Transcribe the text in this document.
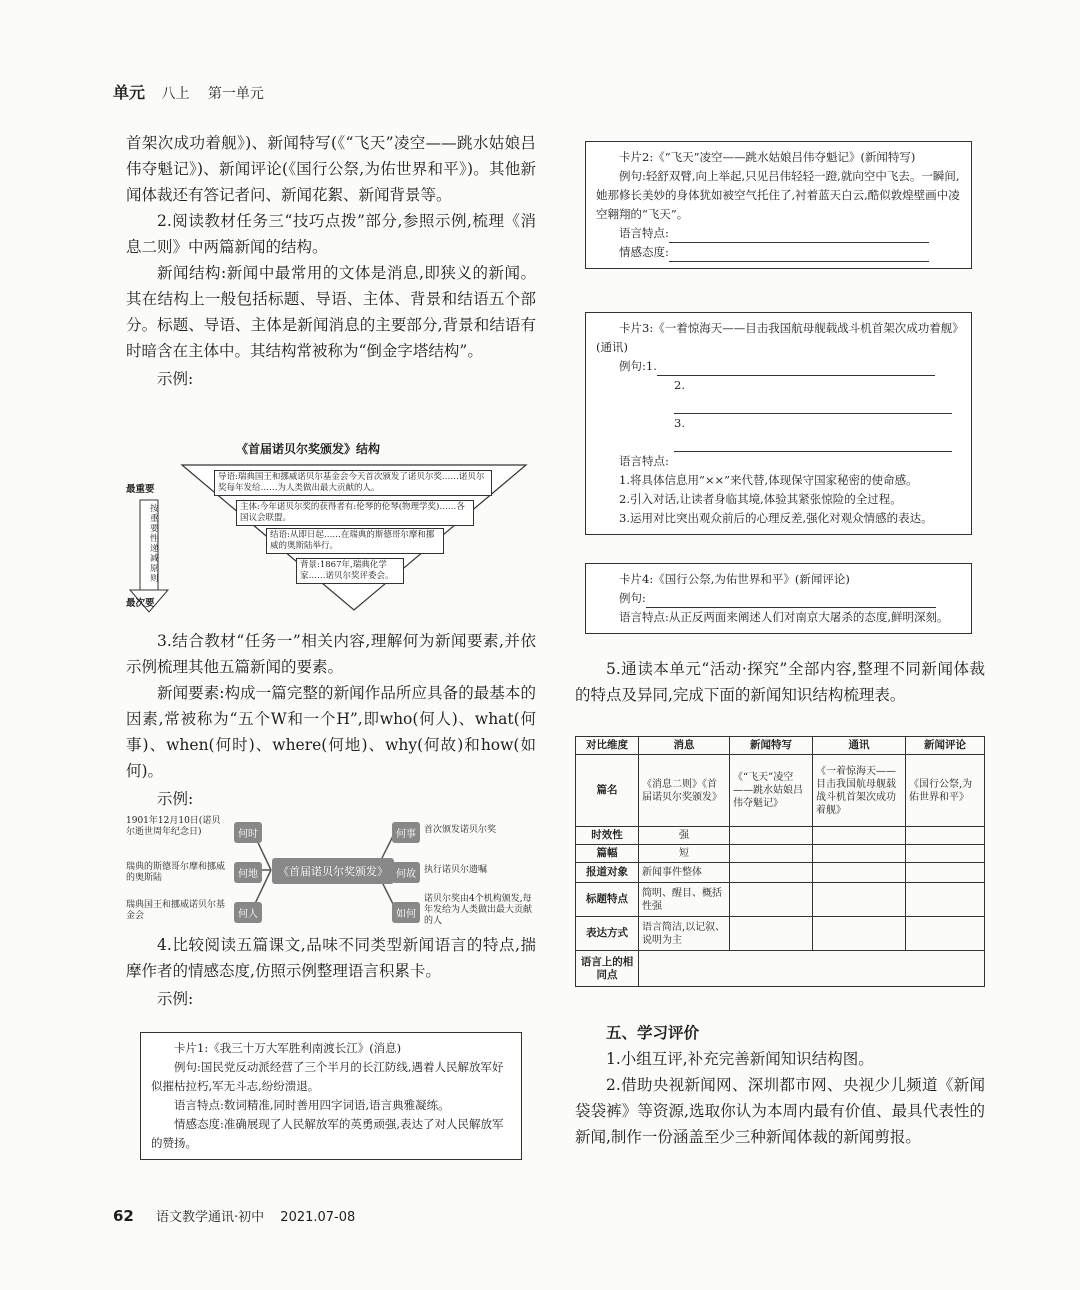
单元 八上 第一单元

首架次成功着舰》)、新闻特写(《“飞天”凌空——跳水姑娘吕伟夺魁记》)、新闻评论(《国行公祭,为佑世界和平》)。其他新闻体裁还有答记者问、新闻花絮、新闻背景等。

2.阅读教材任务三“技巧点拨”部分,参照示例,梳理《消息二则》中两篇新闻的结构。

新闻结构:新闻中最常用的文体是消息,即狭义的新闻。其在结构上一般包括标题、导语、主体、背景和结语五个部分。标题、导语、主体是新闻消息的主要部分,背景和结语有时暗含在主体中。其结构常被称为“倒金字塔结构”。

示例:

《首届诺贝尔奖颁发》结构
最重要
最次要
按重要性递减原则
导语:瑞典国王和挪威诺贝尔基金会今天首次颁发了诺贝尔奖……诺贝尔奖每年发给……为人类做出最大贡献的人。
主体:今年诺贝尔奖的获得者有:伦琴的伦琴(物理学奖)……各国议会联盟。
结语:从即日起……在瑞典的斯德哥尔摩和挪威的奥斯陆举行。
背景:1867年,瑞典化学家……诺贝尔奖评委会。

3.结合教材“任务一”相关内容,理解何为新闻要素,并依示例梳理其他五篇新闻的要素。

新闻要素:构成一篇完整的新闻作品所应具备的最基本的因素,常被称为“五个W和一个H”,即who(何人)、what(何事)、when(何时)、where(何地)、why(何故)和how(如何)。

示例:

《首届诺贝尔奖颁发》
1901年12月10日(诺贝尔逝世周年纪念日)	何时
瑞典的斯德哥尔摩和挪威的奥斯陆	何地
瑞典国王和挪威诺贝尔基金会	何人
何事 首次颁发诺贝尔奖
何故 执行诺贝尔遗嘱
如何
诺贝尔奖由4个机构颁发,每年发给为人类做出最大贡献的人

4.比较阅读五篇课文,品味不同类型新闻语言的特点,揣摩作者的情感态度,仿照示例整理语言积累卡。

示例:

卡片1:《我三十万大军胜利南渡长江》(消息)

例句:国民党反动派经营了三个半月的长江防线,遇着人民解放军好似摧枯拉朽,军无斗志,纷纷溃退。

语言特点:数词精准,同时善用四字词语,语言典雅凝练。

情感态度:准确展现了人民解放军的英勇顽强,表达了对人民解放军的赞扬。

卡片2:《“飞天”凌空——跳水姑娘吕伟夺魁记》(新闻特写)

例句:轻舒双臂,向上举起,只见吕伟轻轻一蹬,就向空中飞去。一瞬间,她那修长美妙的身体犹如被空气托住了,衬着蓝天白云,酷似敦煌壁画中凌空翱翔的“飞天”。

语言特点:

情感态度:

卡片3:《一着惊海天——目击我国航母舰载战斗机首架次成功着舰》(通讯)

例句:1.

2.

3.

语言特点:

1.将具体信息用“××”来代替,体现保守国家秘密的使命感。

2.引入对话,让读者身临其境,体验其紧张惊险的全过程。

3.运用对比突出观众前后的心理反差,强化对观众情感的表达。

卡片4:《国行公祭,为佑世界和平》(新闻评论)

例句:

语言特点:从正反两面来阐述人们对南京大屠杀的态度,鲜明深刻。

5.通读本单元“活动·探究”全部内容,整理不同新闻体裁的特点及异同,完成下面的新闻知识结构梳理表。

对比维度	消息	新闻特写	通讯	新闻评论
篇名	《消息二则》《首届诺贝尔奖颁发》	《“飞天”凌空——跳水姑娘吕伟夺魁记》	《一着惊海天——目击我国航母舰载战斗机首架次成功着舰》	《国行公祭,为佑世界和平》
时效性	强			
篇幅	短			
报道对象	新闻事件整体			
标题特点	简明、醒目、概括性强			
表达方式	语言简洁,以记叙、说明为主			
语言上的相同点				

五、学习评价

1.小组互评,补充完善新闻知识结构图。

2.借助央视新闻网、深圳都市网、央视少儿频道《新闻袋袋裤》等资源,选取你认为本周内最有价值、最具代表性的新闻,制作一份涵盖至少三种新闻体裁的新闻剪报。

62 语文教学通讯·初中 2021.07-08
